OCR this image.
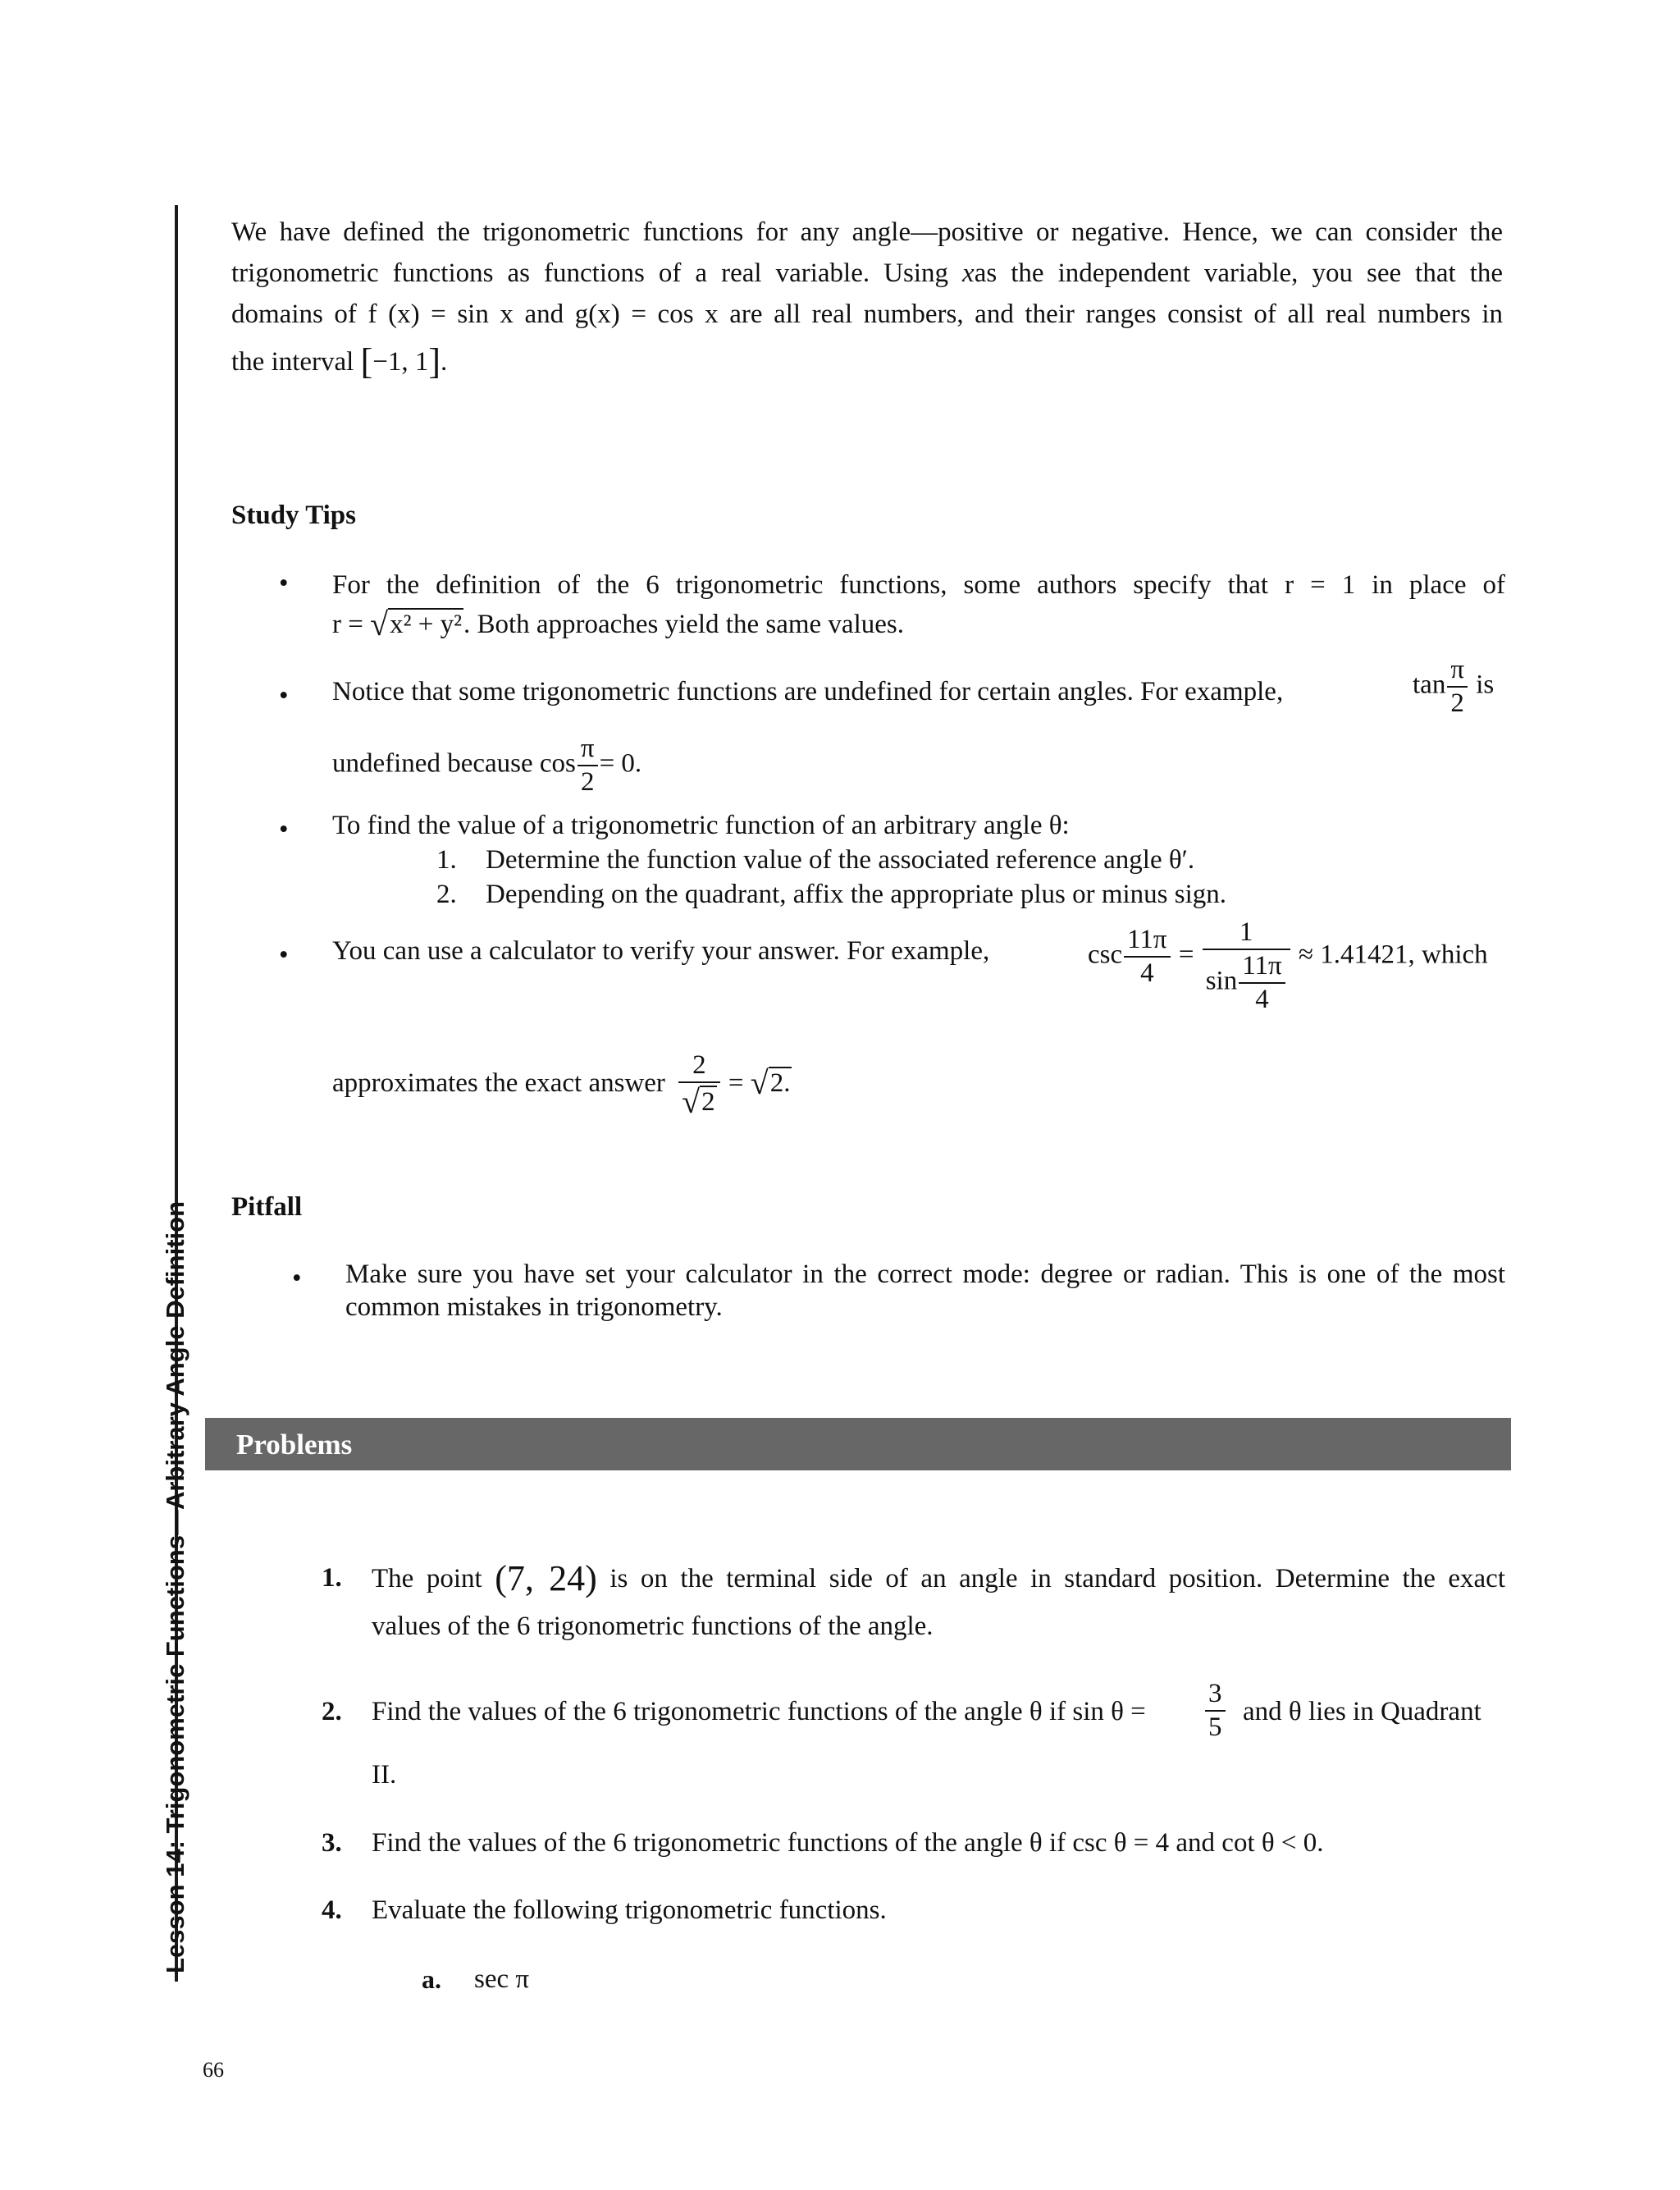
Lesson 14: Trigonometric Functions—Arbitrary Angle Definition
We have defined the trigonometric functions for any angle—positive or negative. Hence, we can consider the
trigonometric functions as functions of a real variable. Using xas the independent variable, you see that the
domains of f (x) = sin x and g(x) = cos x are all real numbers, and their ranges consist of all real numbers in
the interval [−1, 1].
Study Tips
• For the definition of the 6 trigonometric functions, some authors specify that r = 1 in place of
r = √x² + y². Both approaches yield the same values.
• Notice that some trigonometric functions are undefined for certain angles. For example,	$\tan \frac{\pi}{2}$ is
undefined because $\cos \frac{\pi}{2} = 0$.
• To find the value of a trigonometric function of an arbitrary angle θ:
1. Determine the function value of the associated reference angle θ′.
2. Depending on the quadrant, affix the appropriate plus or minus sign.
• You can use a calculator to verify your answer. For example,	$\csc \frac{11\pi}{4} = \frac{1}{\sin \frac{11\pi}{4}} \approx 1.41421$, which
approximates the exact answer $\frac{2}{√2} = √2$.
Pitfall
• Make sure you have set your calculator in the correct mode: degree or radian. This is one of the most
common mistakes in trigonometry.
Problems
1. The point (7, 24) is on the terminal side of an angle in standard position. Determine the exact
values of the 6 trigonometric functions of the angle.
2. Find the values of the 6 trigonometric functions of the angle θ if $\sin \theta = \frac{3}{5}$ and θ lies in Quadrant
II.
3. Find the values of the 6 trigonometric functions of the angle θ if csc θ = 4 and cot θ < 0.
4. Evaluate the following trigonometric functions.
a. sec π
66
